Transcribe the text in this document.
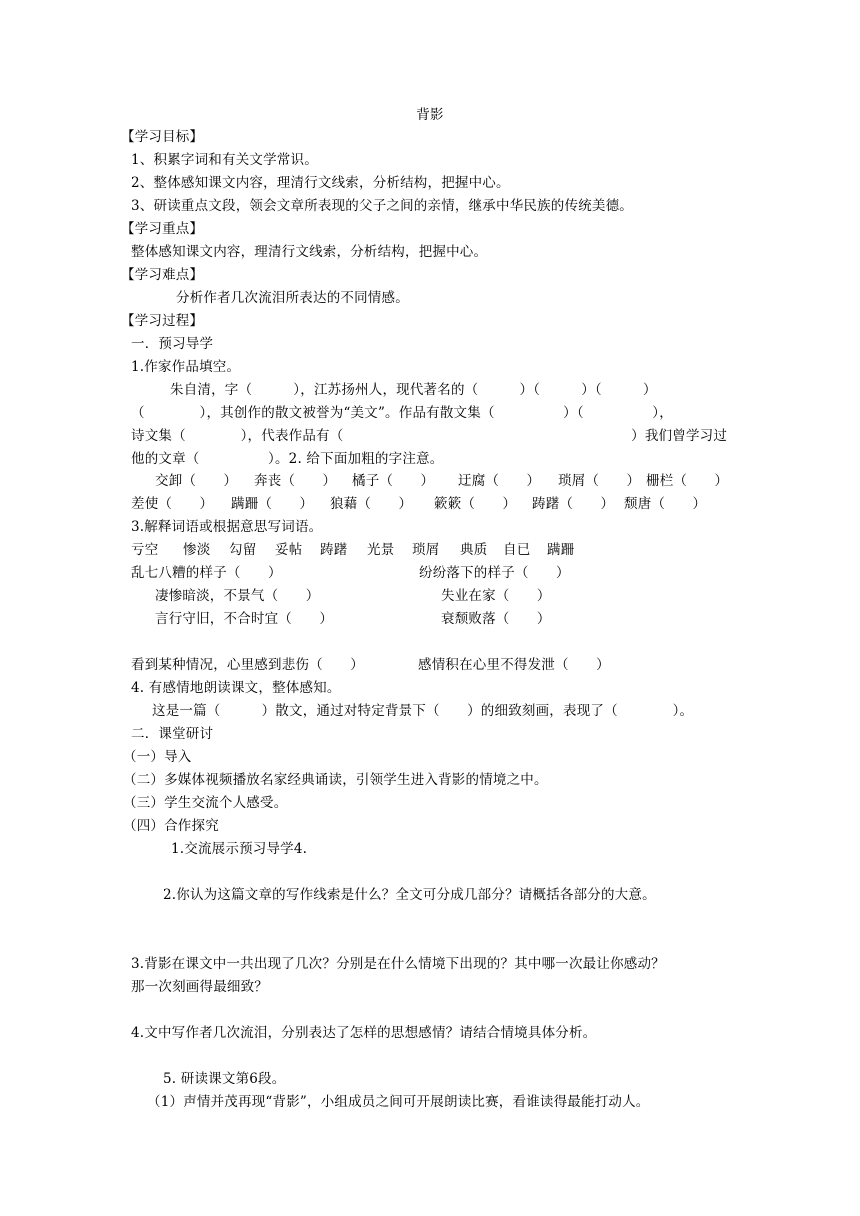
背影
【学习目标】
1、积累字词和有关文学常识。
2、整体感知课文内容，理清行文线索，分析结构，把握中心。
3、研读重点文段，领会文章所表现的父子之间的亲情，继承中华民族的传统美德。
【学习重点】
整体感知课文内容，理清行文线索，分析结构，把握中心。
【学习难点】
分析作者几次流泪所表达的不同情感。
【学习过程】
一．预习导学
1.作家作品填空。
朱自清，字（　　　），江苏扬州人，现代著名的（　　　）（　　　）（　　　）
（　　　　），其创作的散文被誉为“美文”。作品有散文集（　　　　　）（　　　　　），
诗文集（　　　　），代表作品有（　　　　　　　　　　　　　　　　　　　　　）我们曾学习过
他的文章（　　　　　）。2. 给下面加粗的字注意。
交卸（　　） 奔丧（　　） 橘子（　　） 迂腐（　　） 琐屑（　　） 栅栏（　　）
差使（　　） 蹒跚（　　） 狼藉（　　） 簌簌（　　） 踌躇（　　） 颓唐（　　）
3.解释词语或根据意思写词语。
亏空 惨淡 勾留 妥帖 踌躇 光景 琐屑 典质 自已 蹒跚
乱七八糟的样子（　　）	纷纷落下的样子（　　）
凄惨暗淡，不景气（　　）	失业在家（　　）
言行守旧，不合时宜（　　）	衰颓败落（　　）
看到某种情况，心里感到悲伤（　　）	感情积在心里不得发泄（　　）
4. 有感情地朗读课文，整体感知。
这是一篇（　　　）散文，通过对特定背景下（　　）的细致刻画，表现了（　　　　）。
二．课堂研讨
（一）导入
（二）多媒体视频播放名家经典诵读，引领学生进入背影的情境之中。
（三）学生交流个人感受。
（四）合作探究
1.交流展示预习导学4.
2.你认为这篇文章的写作线索是什么？全文可分成几部分？请概括各部分的大意。
3.背影在课文中一共出现了几次？分别是在什么情境下出现的？其中哪一次最让你感动？
那一次刻画得最细致？
4.文中写作者几次流泪，分别表达了怎样的思想感情？请结合情境具体分析。
5. 研读课文第6段。
（1）声情并茂再现“背影”，小组成员之间可开展朗读比赛，看谁读得最能打动人。
